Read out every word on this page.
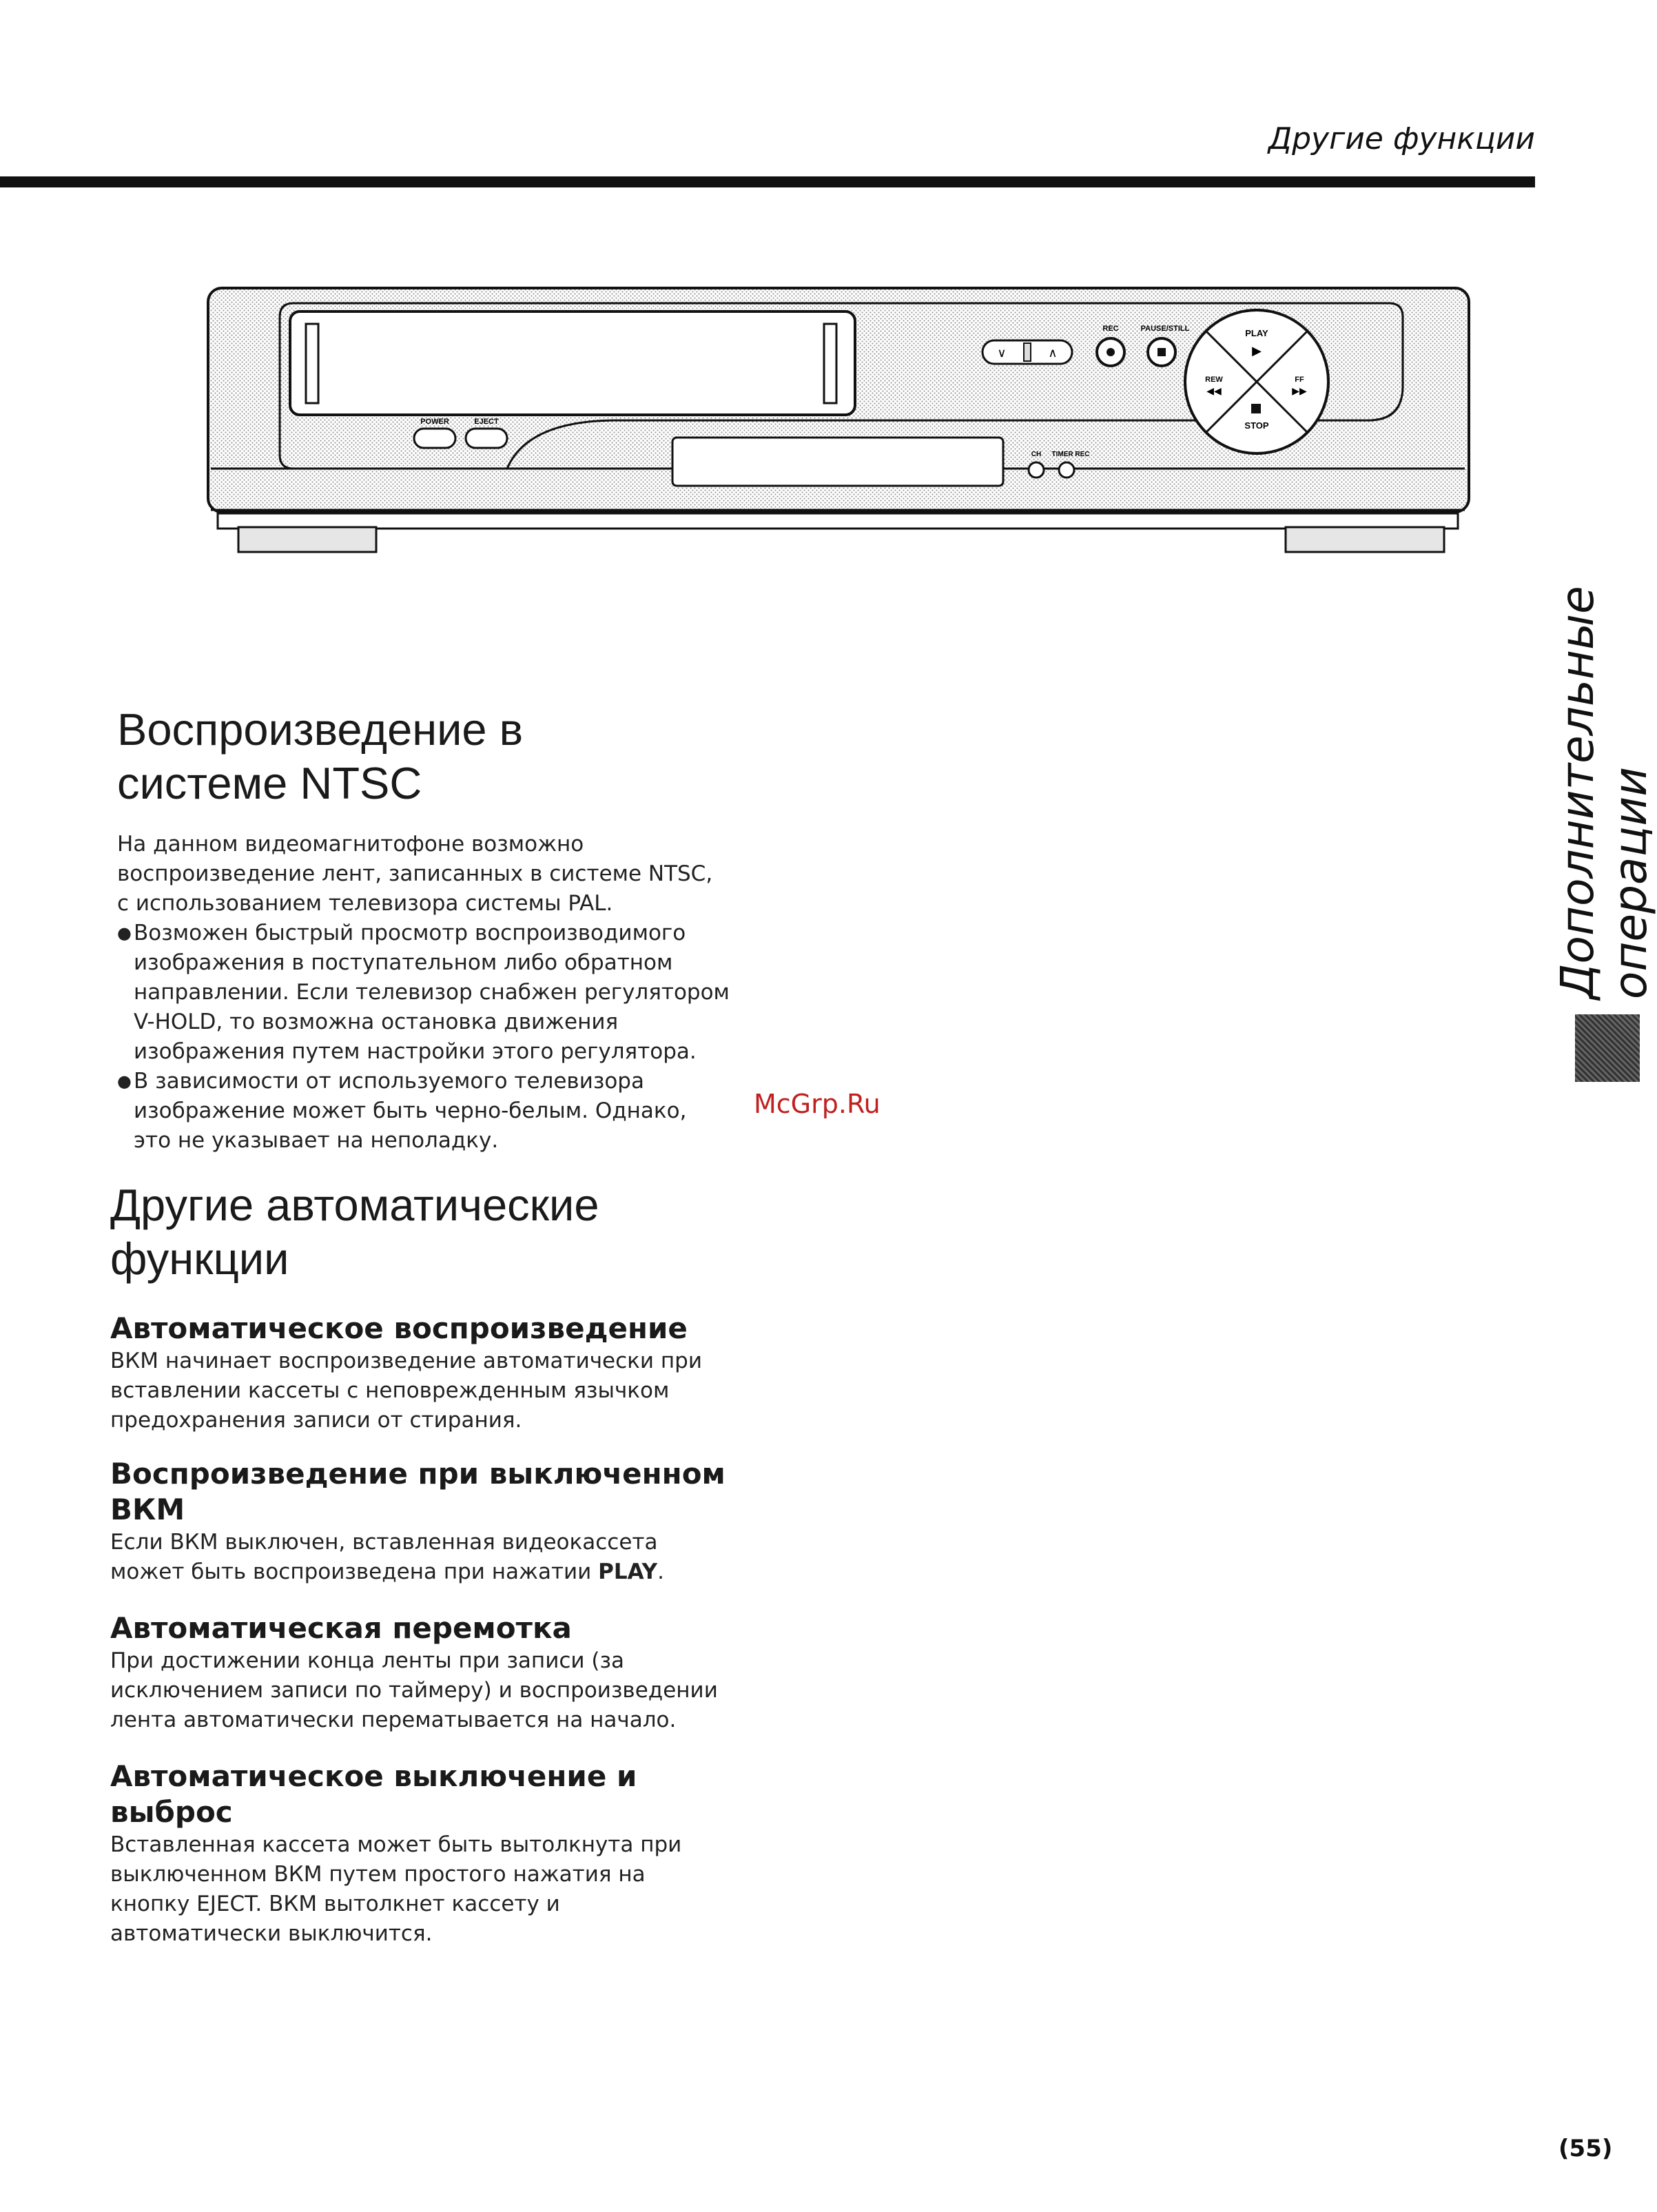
Другие функции
Дополнительные операции
POWER	EJECT
∨	∧
REC	PAUSE/STILL	PLAY
▶
REW
◀◀
FF
▶▶
STOP
CH TIMER REC
Воспроизведение в
системе NTSC
На данном видеомагнитофоне возможно
воспроизведение лент, записанных в системе NTSC,
с использованием телевизора системы PAL.
● Возможен быстрый просмотр воспроизводимого
изображения в поступательном либо обратном
направлении. Если телевизор снабжен регулятором
V-HOLD, то возможна остановка движения
изображения путем настройки этого регулятора.
● В зависимости от используемого телевизора
изображение может быть черно-белым. Однако,
это не указывает на неполадку.
McGrp.Ru
Другие автоматические
функции
Автоматическое воспроизведение
ВКМ начинает воспроизведение автоматически при
вставлении кассеты с неповрежденным язычком
предохранения записи от стирания.
Воспроизведение при выключенном
ВКМ
Если ВКМ выключен, вставленная видеокассета
может быть воспроизведена при нажатии PLAY.
Автоматическая перемотка
При достижении конца ленты при записи (за
исключением записи по таймеру) и воспроизведении
лента автоматически перематывается на начало.
Автоматическое выключение и
выброс
Вставленная кассета может быть вытолкнута при
выключенном ВКМ путем простого нажатия на
кнопку EJECT. ВКМ вытолкнет кассету и
автоматически выключится.
(55)
